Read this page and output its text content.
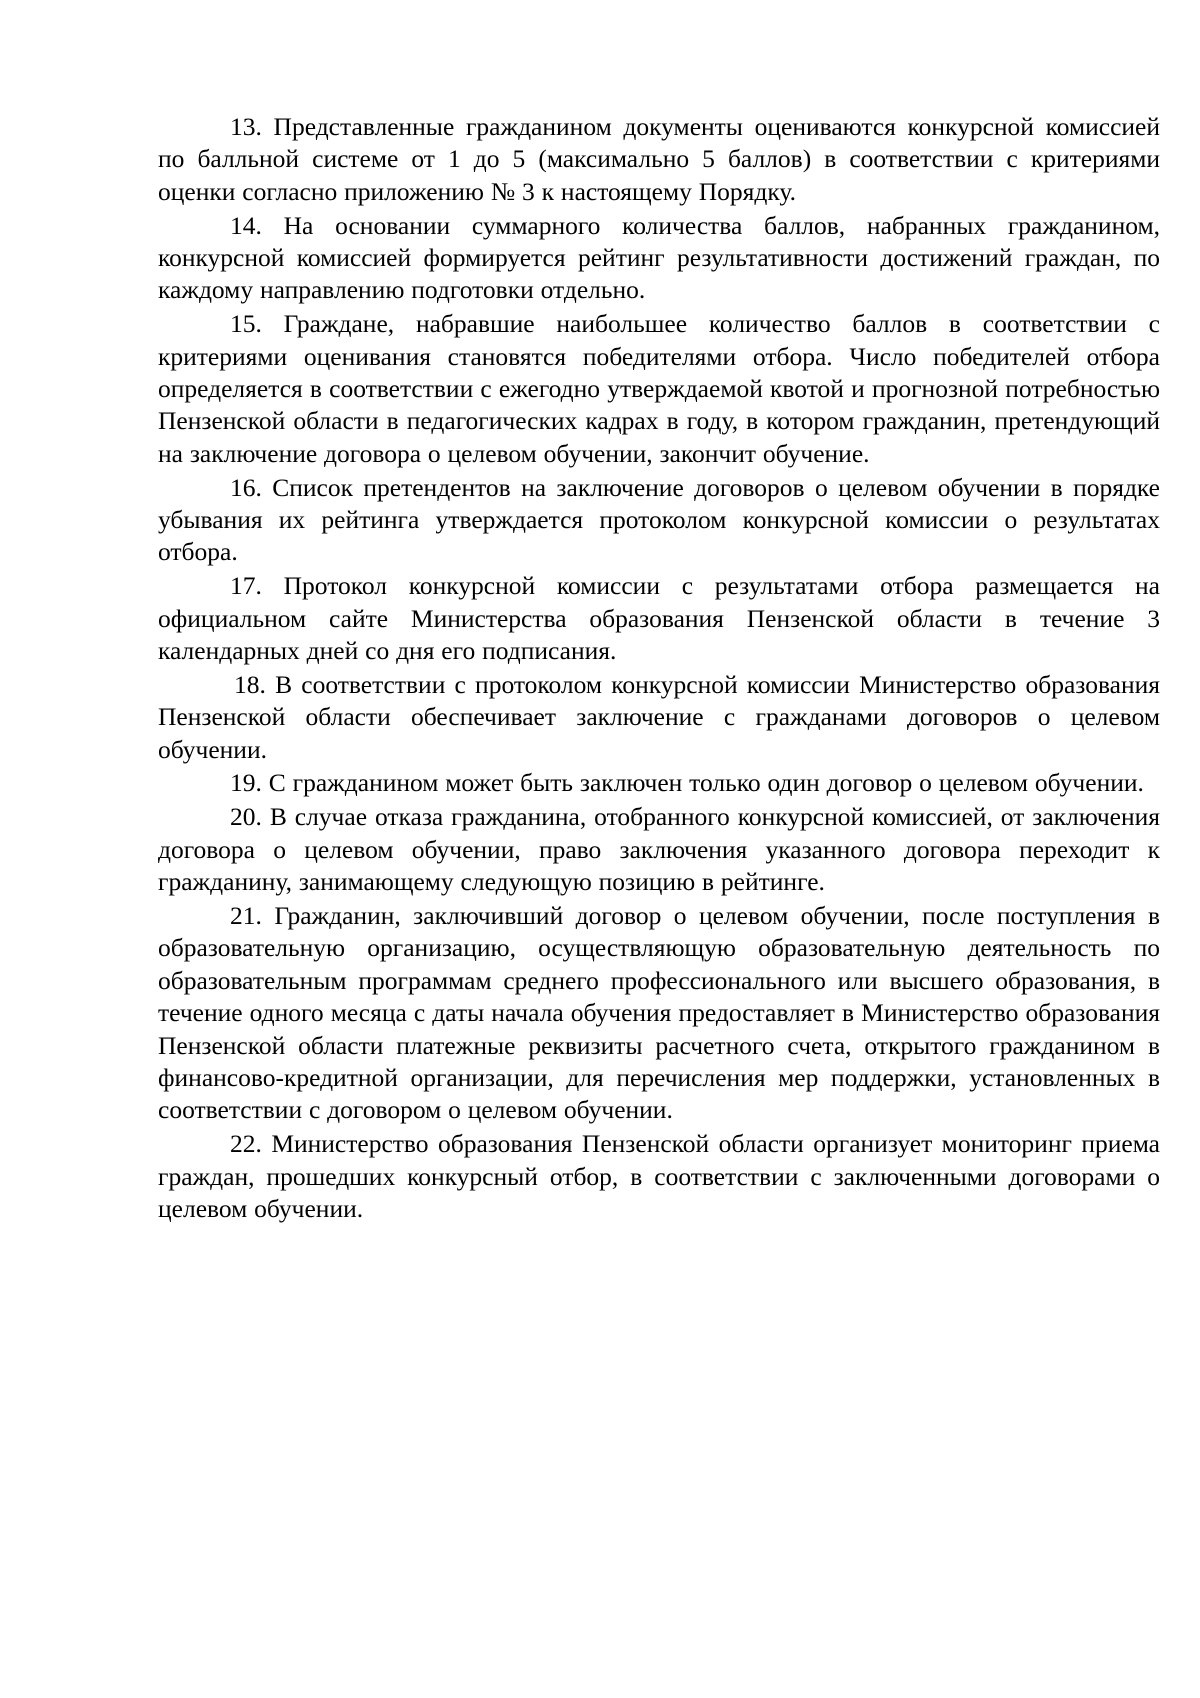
13. Представленные гражданином документы оцениваются конкурсной комиссией по балльной системе от 1 до 5 (максимально 5 баллов) в соответствии с критериями оценки согласно приложению № 3 к настоящему Порядку.

14. На основании суммарного количества баллов, набранных гражданином, конкурсной комиссией формируется рейтинг результативности достижений граждан, по каждому направлению подготовки отдельно.

15. Граждане, набравшие наибольшее количество баллов в соответствии с критериями оценивания становятся победителями отбора. Число победителей отбора определяется в соответствии с ежегодно утверждаемой квотой и прогнозной потребностью Пензенской области в педагогических кадрах в году, в котором гражданин, претендующий на заключение договора о целевом обучении, закончит обучение.

16. Список претендентов на заключение договоров о целевом обучении в порядке убывания их рейтинга утверждается протоколом конкурсной комиссии о результатах отбора.

17. Протокол конкурсной комиссии с результатами отбора размещается на официальном сайте Министерства образования Пензенской области в течение 3 календарных дней со дня его подписания.

18. В соответствии с протоколом конкурсной комиссии Министерство образования Пензенской области обеспечивает заключение с гражданами договоров о целевом обучении.

19. С гражданином может быть заключен только один договор о целевом обучении.

20. В случае отказа гражданина, отобранного конкурсной комиссией, от заключения договора о целевом обучении, право заключения указанного договора переходит к гражданину, занимающему следующую позицию в рейтинге.

21. Гражданин, заключивший договор о целевом обучении, после поступления в образовательную организацию, осуществляющую образовательную деятельность по образовательным программам среднего профессионального или высшего образования, в течение одного месяца с даты начала обучения предоставляет в Министерство образования Пензенской области платежные реквизиты расчетного счета, открытого гражданином в финансово-кредитной организации, для перечисления мер поддержки, установленных в соответствии с договором о целевом обучении.

22. Министерство образования Пензенской области организует мониторинг приема граждан, прошедших конкурсный отбор, в соответствии с заключенными договорами о целевом обучении.
